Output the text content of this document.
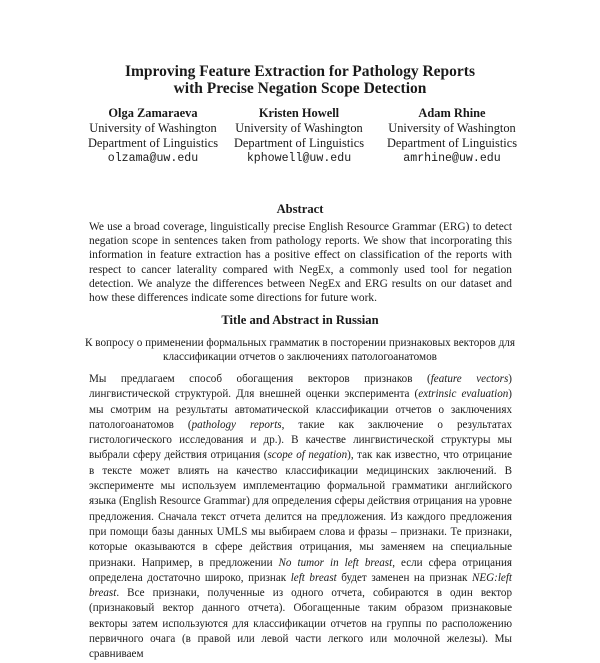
Improving Feature Extraction for Pathology Reports
with Precise Negation Scope Detection
Olga Zamaraeva
University of Washington
Department of Linguistics
olzama@uw.edu
Kristen Howell
University of Washington
Department of Linguistics
kphowell@uw.edu
Adam Rhine
University of Washington
Department of Linguistics
amrhine@uw.edu
Abstract
We use a broad coverage, linguistically precise English Resource Grammar (ERG) to detect negation scope in sentences taken from pathology reports. We show that incorporating this information in feature extraction has a positive effect on classification of the reports with respect to cancer laterality compared with NegEx, a commonly used tool for negation detection. We analyze the differences between NegEx and ERG results on our dataset and how these differences indicate some directions for future work.
Title and Abstract in Russian
К вопросу о применении формальных грамматик в посторении признаковых векторов для классификации отчетов о заключениях патологоанатомов
Мы предлагаем способ обогащения векторов признаков (feature vectors) лингвистической структурой. Для внешней оценки эксперимента (extrinsic evaluation) мы смотрим на результаты автоматической классификации отчетов о заключениях патологоанатомов (pathology reports, такие как заключение о результатах гистологического исследования и др.). В качестве лингвистической структуры мы выбрали сферу действия отрицания (scope of negation), так как известно, что отрицание в тексте может влиять на качество классификации медицинских заключений. В эксперименте мы используем имплементацию формальной грамматики английского языка (English Resource Grammar) для определения сферы действия отрицания на уровне предложения. Сначала текст отчета делится на предложения. Из каждого предложения при помощи базы данных UMLS мы выбираем слова и фразы – признаки. Те признаки, которые оказываются в сфере действия отрицания, мы заменяем на специальные признаки. Например, в предложении No tumor in left breast, если сфера отрицания определена достаточно широко, признак left breast будет заменен на признак NEG:left breast. Все признаки, полученные из одного отчета, собираются в один вектор (признаковый вектор данного отчета). Обогащенные таким образом признаковые векторы затем используются для классификации отчетов на группы по расположению первичного очага (в правой или левой части легкого или молочной железы). Мы сравниваем
